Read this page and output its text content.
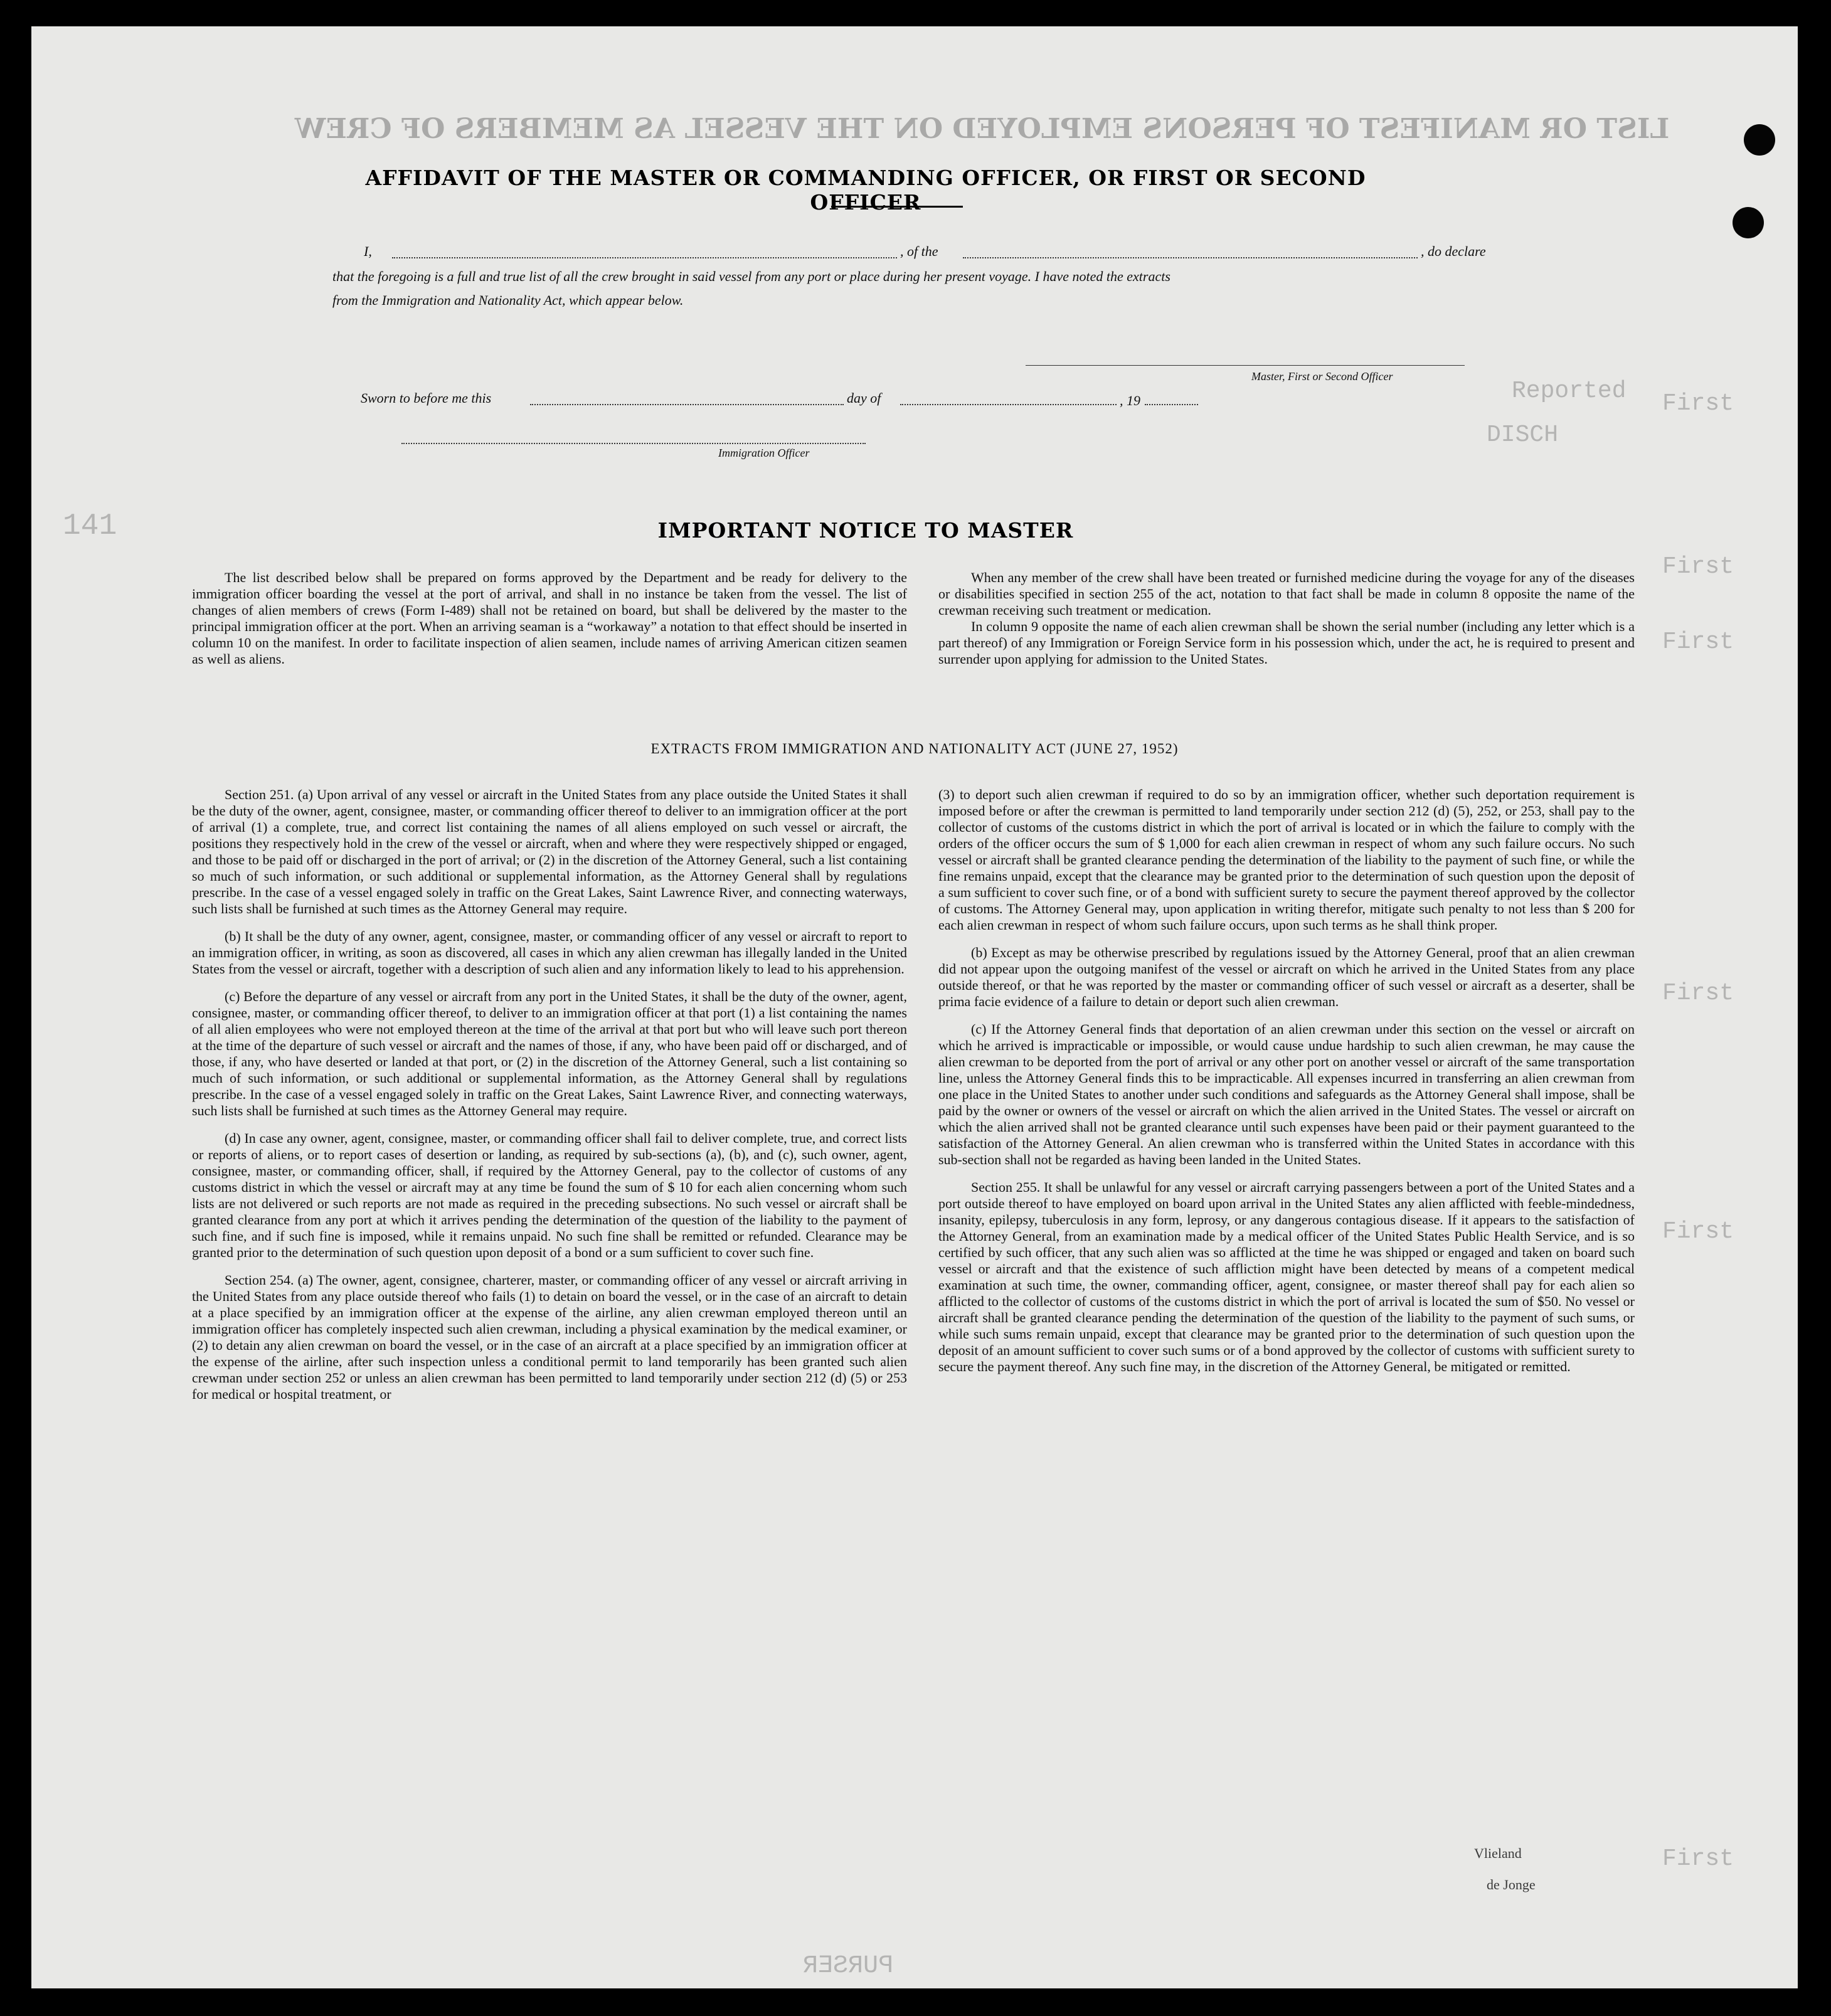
LIST OR MANIFEST OF PERSONS EMPLOYED ON THE VESSEL AS MEMBERS OF CREW
Reported
DISCH
141
First
First
First
First
First
First
PURSER
AFFIDAVIT OF THE MASTER OR COMMANDING OFFICER, OR FIRST OR SECOND OFFICER
I,	, of the	, do declare
that the foregoing is a full and true list of all the crew brought in said vessel from any port or place during her present voyage. I have noted the extracts
from the Immigration and Nationality Act, which appear below.
Master, First or Second Officer
Sworn to before me this	day of	, 19
Immigration Officer
IMPORTANT NOTICE TO MASTER

The list described below shall be prepared on forms approved by the Department and be ready for delivery to the immigration officer boarding the vessel at the port of arrival, and shall in no instance be taken from the vessel. The list of changes of alien members of crews (Form I-489) shall not be retained on board, but shall be delivered by the master to the principal immigration officer at the port. When an arriving seaman is a “workaway” a notation to that effect should be inserted in column 10 on the manifest. In order to facilitate inspection of alien seamen, include names of arriving American citizen seamen as well as aliens.

When any member of the crew shall have been treated or furnished medicine during the voyage for any of the diseases or disabilities specified in section 255 of the act, notation to that fact shall be made in column 8 opposite the name of the crewman receiving such treatment or medication.

In column 9 opposite the name of each alien crewman shall be shown the serial number (including any letter which is a part thereof) of any Immigration or Foreign Service form in his possession which, under the act, he is required to present and surrender upon applying for admission to the United States.

EXTRACTS FROM IMMIGRATION AND NATIONALITY ACT (JUNE 27, 1952)

Section 251. (a) Upon arrival of any vessel or aircraft in the United States from any place outside the United States it shall be the duty of the owner, agent, consignee, master, or commanding officer thereof to deliver to an immigration officer at the port of arrival (1) a complete, true, and correct list containing the names of all aliens employed on such vessel or aircraft, the positions they respectively hold in the crew of the vessel or aircraft, when and where they were respectively shipped or engaged, and those to be paid off or discharged in the port of arrival; or (2) in the discretion of the Attorney General, such a list containing so much of such information, or such additional or supplemental information, as the Attorney General shall by regulations prescribe. In the case of a vessel engaged solely in traffic on the Great Lakes, Saint Lawrence River, and connecting waterways, such lists shall be furnished at such times as the Attorney General may require.

(b) It shall be the duty of any owner, agent, consignee, master, or commanding officer of any vessel or aircraft to report to an immigration officer, in writing, as soon as discovered, all cases in which any alien crewman has illegally landed in the United States from the vessel or aircraft, together with a description of such alien and any information likely to lead to his apprehension.

(c) Before the departure of any vessel or aircraft from any port in the United States, it shall be the duty of the owner, agent, consignee, master, or commanding officer thereof, to deliver to an immigration officer at that port (1) a list containing the names of all alien employees who were not employed thereon at the time of the arrival at that port but who will leave such port thereon at the time of the departure of such vessel or aircraft and the names of those, if any, who have been paid off or discharged, and of those, if any, who have deserted or landed at that port, or (2) in the discretion of the Attorney General, such a list containing so much of such information, or such additional or supplemental information, as the Attorney General shall by regulations prescribe. In the case of a vessel engaged solely in traffic on the Great Lakes, Saint Lawrence River, and connecting waterways, such lists shall be furnished at such times as the Attorney General may require.

(d) In case any owner, agent, consignee, master, or commanding officer shall fail to deliver complete, true, and correct lists or reports of aliens, or to report cases of desertion or landing, as required by sub-sections (a), (b), and (c), such owner, agent, consignee, master, or commanding officer, shall, if required by the Attorney General, pay to the collector of customs of any customs district in which the vessel or aircraft may at any time be found the sum of $ 10 for each alien concerning whom such lists are not delivered or such reports are not made as required in the preceding subsections. No such vessel or aircraft shall be granted clearance from any port at which it arrives pending the determination of the question of the liability to the payment of such fine, and if such fine is imposed, while it remains unpaid. No such fine shall be remitted or refunded. Clearance may be granted prior to the determination of such question upon deposit of a bond or a sum sufficient to cover such fine.

Section 254. (a) The owner, agent, consignee, charterer, master, or commanding officer of any vessel or aircraft arriving in the United States from any place outside thereof who fails (1) to detain on board the vessel, or in the case of an aircraft to detain at a place specified by an immigration officer at the expense of the airline, any alien crewman employed thereon until an immigration officer has completely inspected such alien crewman, including a physical examination by the medical examiner, or (2) to detain any alien crewman on board the vessel, or in the case of an aircraft at a place specified by an immigration officer at the expense of the airline, after such inspection unless a conditional permit to land temporarily has been granted such alien crewman under section 252 or unless an alien crewman has been permitted to land temporarily under section 212 (d) (5) or 253 for medical or hospital treatment, or

(3) to deport such alien crewman if required to do so by an immigration officer, whether such deportation requirement is imposed before or after the crewman is permitted to land temporarily under section 212 (d) (5), 252, or 253, shall pay to the collector of customs of the customs district in which the port of arrival is located or in which the failure to comply with the orders of the officer occurs the sum of $ 1,000 for each alien crewman in respect of whom any such failure occurs. No such vessel or aircraft shall be granted clearance pending the determination of the liability to the payment of such fine, or while the fine remains unpaid, except that the clearance may be granted prior to the determination of such question upon the deposit of a sum sufficient to cover such fine, or of a bond with sufficient surety to secure the payment thereof approved by the collector of customs. The Attorney General may, upon application in writing therefor, mitigate such penalty to not less than $ 200 for each alien crewman in respect of whom such failure occurs, upon such terms as he shall think proper.

(b) Except as may be otherwise prescribed by regulations issued by the Attorney General, proof that an alien crewman did not appear upon the outgoing manifest of the vessel or aircraft on which he arrived in the United States from any place outside thereof, or that he was reported by the master or commanding officer of such vessel or aircraft as a deserter, shall be prima facie evidence of a failure to detain or deport such alien crewman.

(c) If the Attorney General finds that deportation of an alien crewman under this section on the vessel or aircraft on which he arrived is impracticable or impossible, or would cause undue hardship to such alien crewman, he may cause the alien crewman to be deported from the port of arrival or any other port on another vessel or aircraft of the same transportation line, unless the Attorney General finds this to be impracticable. All expenses incurred in transferring an alien crewman from one place in the United States to another under such conditions and safeguards as the Attorney General shall impose, shall be paid by the owner or owners of the vessel or aircraft on which the alien arrived in the United States. The vessel or aircraft on which the alien arrived shall not be granted clearance until such expenses have been paid or their payment guaranteed to the satisfaction of the Attorney General. An alien crewman who is transferred within the United States in accordance with this sub-section shall not be regarded as having been landed in the United States.

Section 255. It shall be unlawful for any vessel or aircraft carrying passengers between a port of the United States and a port outside thereof to have employed on board upon arrival in the United States any alien afflicted with feeble-mindedness, insanity, epilepsy, tuberculosis in any form, leprosy, or any dangerous contagious disease. If it appears to the satisfaction of the Attorney General, from an examination made by a medical officer of the United States Public Health Service, and is so certified by such officer, that any such alien was so afflicted at the time he was shipped or engaged and taken on board such vessel or aircraft and that the existence of such affliction might have been detected by means of a competent medical examination at such time, the owner, commanding officer, agent, consignee, or master thereof shall pay for each alien so afflicted to the collector of customs of the customs district in which the port of arrival is located the sum of $50. No vessel or aircraft shall be granted clearance pending the determination of the question of the liability to the payment of such sums, or while such sums remain unpaid, except that clearance may be granted prior to the determination of such question upon the deposit of an amount sufficient to cover such sums or of a bond approved by the collector of customs with sufficient surety to secure the payment thereof. Any such fine may, in the discretion of the Attorney General, be mitigated or remitted.

Vlieland
de Jonge
